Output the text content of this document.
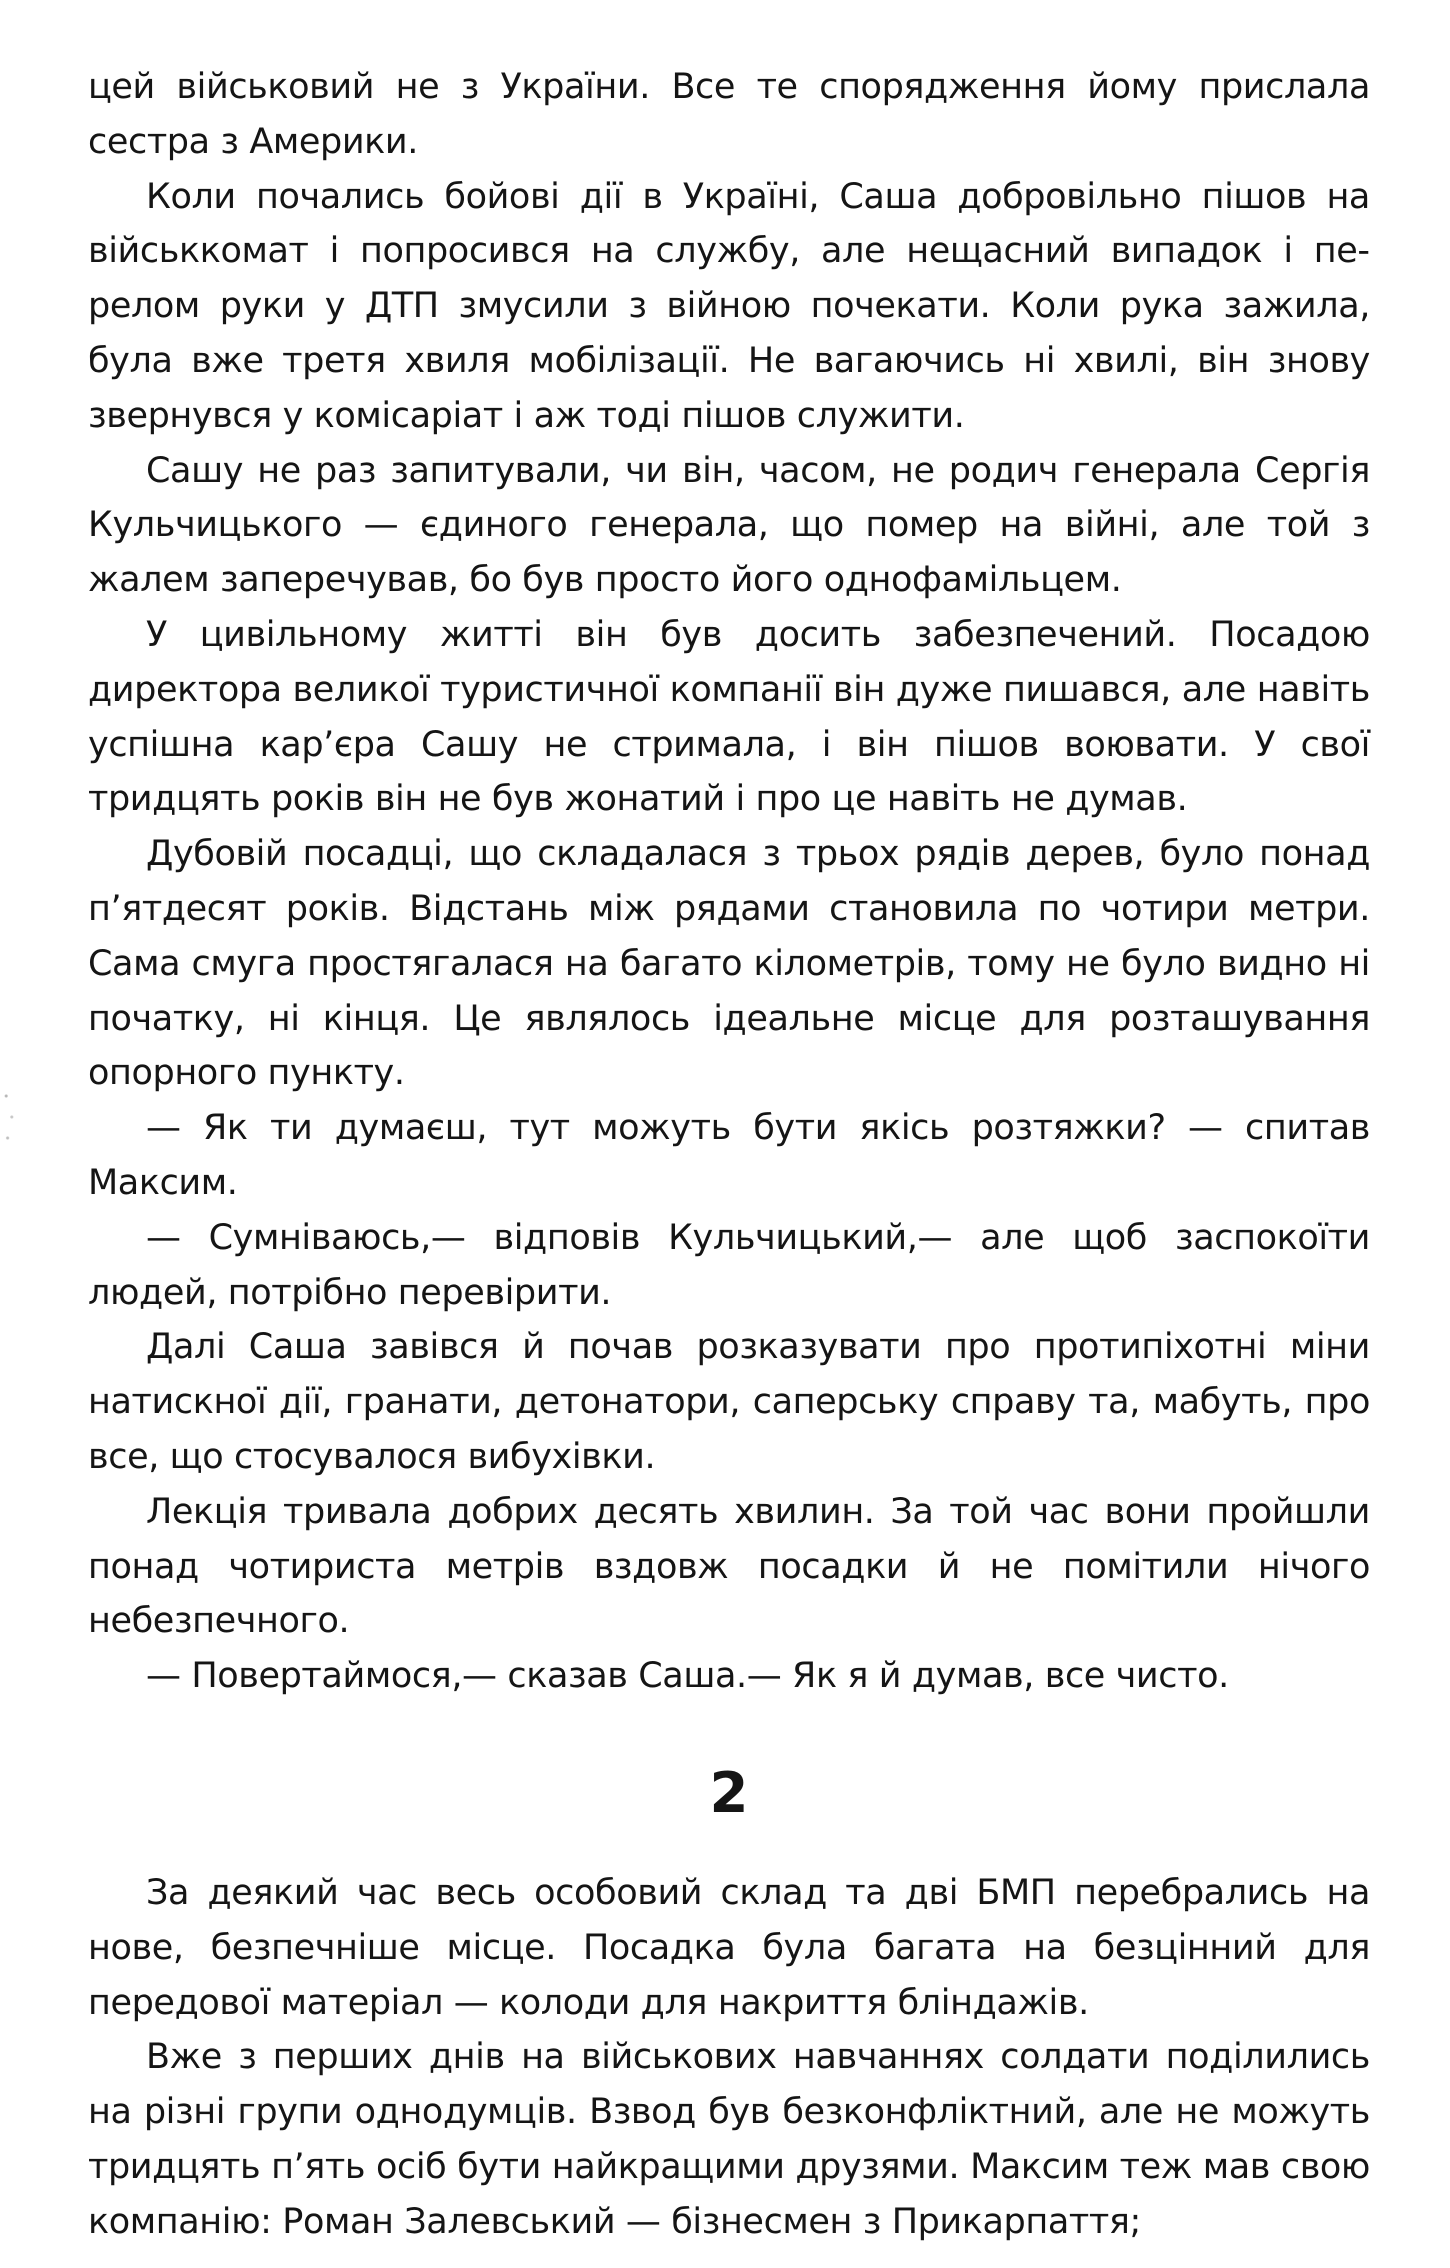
цей військовий не з України. Все те спорядження йому прислала сестра з Америки.

Коли почались бойові дії в Україні, Саша добровільно пішов на військкомат і попросився на службу, але нещасний випадок і перелом руки у ДТП змусили з війною почекати. Коли рука зажила, була вже третя хвиля мобілізації. Не вагаючись ні хвилі, він знову звернувся у комісаріат і аж тоді пішов служити.

Сашу не раз запитували, чи він, часом, не родич генерала Сергія Кульчицького — єдиного генерала, що помер на війні, але той з жалем заперечував, бо був просто його однофамільцем.

У цивільному житті він був досить забезпечений. Посадою директора великої туристичної компанії він дуже пишався, але навіть успішна кар’єра Сашу не стримала, і він пішов воювати. У свої тридцять років він не був жонатий і про це навіть не думав.

Дубовій посадці, що складалася з трьох рядів дерев, було понад п’ятдесят років. Відстань між рядами становила по чотири метри. Сама смуга простягалася на багато кілометрів, тому не було видно ні початку, ні кінця. Це являлось ідеальне місце для розташування опорного пункту.

— Як ти думаєш, тут можуть бути якісь розтяжки? — спитав Максим.

— Сумніваюсь,— відповів Кульчицький,— але щоб заспокоїти людей, потрібно перевірити.

Далі Саша завівся й почав розказувати про протипіхотні міни натискної дії, гранати, детонатори, саперську справу та, мабуть, про все, що стосувалося вибухівки.

Лекція тривала добрих десять хвилин. За той час вони пройшли понад чотириста метрів вздовж посадки й не помітили нічого небезпечного.

— Повертаймося,— сказав Саша.— Як я й думав, все чисто.

2

За деякий час весь особовий склад та дві БМП перебрались на нове, безпечніше місце. Посадка була багата на безцінний для передової матеріал — колоди для накриття бліндажів.

Вже з перших днів на військових навчаннях солдати поділились на різні групи однодумців. Взвод був безконфліктний, але не можуть тридцять п’ять осіб бути найкращими друзями. Максим теж мав свою компанію: Роман Залевський — бізнесмен з Прикарпаття;
